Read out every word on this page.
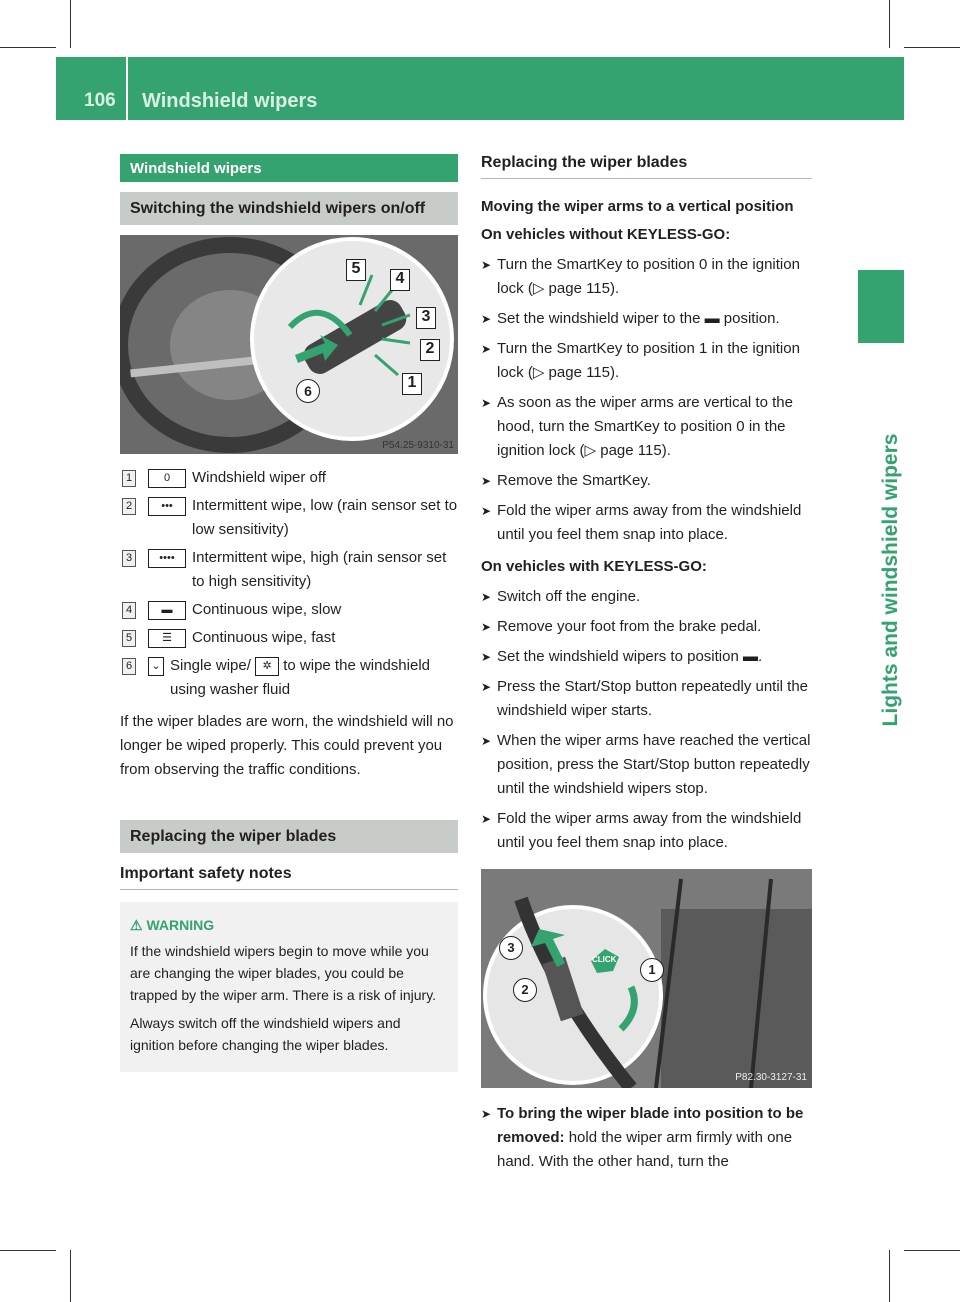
106 Windshield wipers
Lights and windshield wipers
Windshield wipers
Switching the windshield wipers on/off
5
4
3
2
1
6
P54.25-9310-31
1	0	Windshield wiper off
2	•••	Intermittent wipe, low (rain sensor set to low sensitivity)
3	••••	Intermittent wipe, high (rain sensor set to high sensitivity)
4	▬	Continuous wipe, slow
5	☰	Continuous wipe, fast
6	⌄ Single wipe/ ✲ to wipe the windshield using washer fluid

If the wiper blades are worn, the windshield will no longer be wiped properly. This could prevent you from observing the traffic conditions.

Replacing the wiper blades
Important safety notes
⚠ WARNING

If the windshield wipers begin to move while you are changing the wiper blades, you could be trapped by the wiper arm. There is a risk of injury.

Always switch off the windshield wipers and ignition before changing the wiper blades.

Replacing the wiper blades

Moving the wiper arms to a vertical position

On vehicles without KEYLESS-GO:

➤ Turn the SmartKey to position 0 in the ignition lock (▷ page 115).
➤ Set the windshield wiper to the ▬ position.
➤ Turn the SmartKey to position 1 in the ignition lock (▷ page 115).
➤ As soon as the wiper arms are vertical to the hood, turn the SmartKey to position 0 in the ignition lock (▷ page 115).
➤ Remove the SmartKey.
➤ Fold the wiper arms away from the windshield until you feel them snap into place.

On vehicles with KEYLESS-GO:

➤ Switch off the engine.
➤ Remove your foot from the brake pedal.
➤ Set the windshield wipers to position ▬.
➤ Press the Start/Stop button repeatedly until the windshield wiper starts.
➤ When the wiper arms have reached the vertical position, press the Start/Stop button repeatedly until the windshield wipers stop.
➤ Fold the wiper arms away from the windshield until you feel them snap into place.

CLICK
3
2
1
P82.30-3127-31
➤ To bring the wiper blade into position to be removed: hold the wiper arm firmly with one hand. With the other hand, turn the
